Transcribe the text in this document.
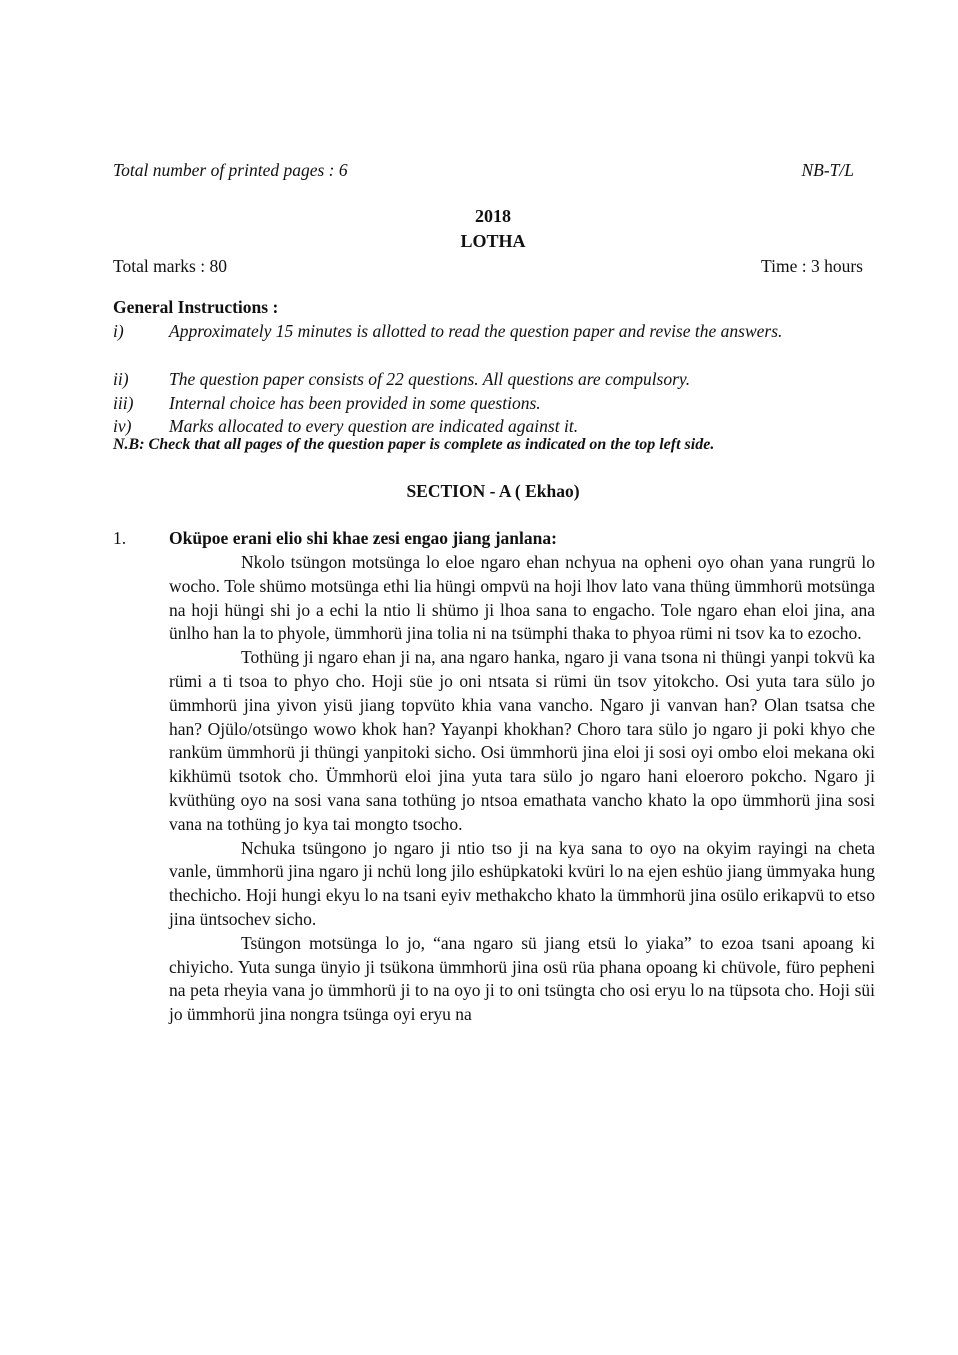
Total number of printed pages : 6	NB-T/L
2018
LOTHA
Total marks : 80	Time : 3 hours
General Instructions :
i)	Approximately 15 minutes is allotted to read the question paper and revise the answers.
ii) The question paper consists of 22 questions. All questions are compulsory.
iii) Internal choice has been provided in some questions.
iv) Marks allocated to every question are indicated against it.
N.B: Check that all pages of the question paper is complete as indicated on the top left side.
SECTION - A ( Ekhao)
1. Oküpoe erani elio shi khae zesi engao jiang janlana:

Nkolo tsüngon motsünga lo eloe ngaro ehan nchyua na opheni oyo ohan yana rungrü lo wocho. Tole shümo motsünga ethi lia hüngi ompvü na hoji lhov lato vana thüng ümmhorü motsünga na hoji hüngi shi jo a echi la ntio li shümo ji lhoa sana to engacho. Tole ngaro ehan eloi jina, ana ünlho han la to phyole, ümmhorü jina tolia ni na tsümphi thaka to phyoa rümi ni tsov ka to ezocho.

Tothüng ji ngaro ehan ji na, ana ngaro hanka, ngaro ji vana tsona ni thüngi yanpi tokvü ka rümi a ti tsoa to phyo cho. Hoji süe jo oni ntsata si rümi ün tsov yitokcho. Osi yuta tara sülo jo ümmhorü jina yivon yisü jiang topvüto khia vana vancho. Ngaro ji vanvan han? Olan tsatsa che han? Ojülo/otsüngo wowo khok han? Yayanpi khokhan? Choro tara sülo jo ngaro ji poki khyo che ranküm ümmhorü ji thüngi yanpitoki sicho. Osi ümmhorü jina eloi ji sosi oyi ombo eloi mekana oki kikhümü tsotok cho. Ümmhorü eloi jina yuta tara sülo jo ngaro hani eloeroro pokcho. Ngaro ji kvüthüng oyo na sosi vana sana tothüng jo ntsoa emathata vancho khato la opo ümmhorü jina sosi vana na tothüng jo kya tai mongto tsocho.

Nchuka tsüngono jo ngaro ji ntio tso ji na kya sana to oyo na okyim rayingi na cheta vanle, ümmhorü jina ngaro ji nchü long jilo eshüpkatoki kvüri lo na ejen eshüo jiang ümmyaka hung thechicho. Hoji hungi ekyu lo na tsani eyiv methakcho khato la ümmhorü jina osülo erikapvü to etso jina üntsochev sicho.

Tsüngon motsünga lo jo, “ana ngaro sü jiang etsü lo yiaka” to ezoa tsani apoang ki chiyicho. Yuta sunga ünyio ji tsükona ümmhorü jina osü rüa phana opoang ki chüvole, füro pepheni na peta rheyia vana jo ümmhorü ji to na oyo ji to oni tsüngta cho osi eryu lo na tüpsota cho. Hoji süi jo ümmhorü jina nongra tsünga oyi eryu na
